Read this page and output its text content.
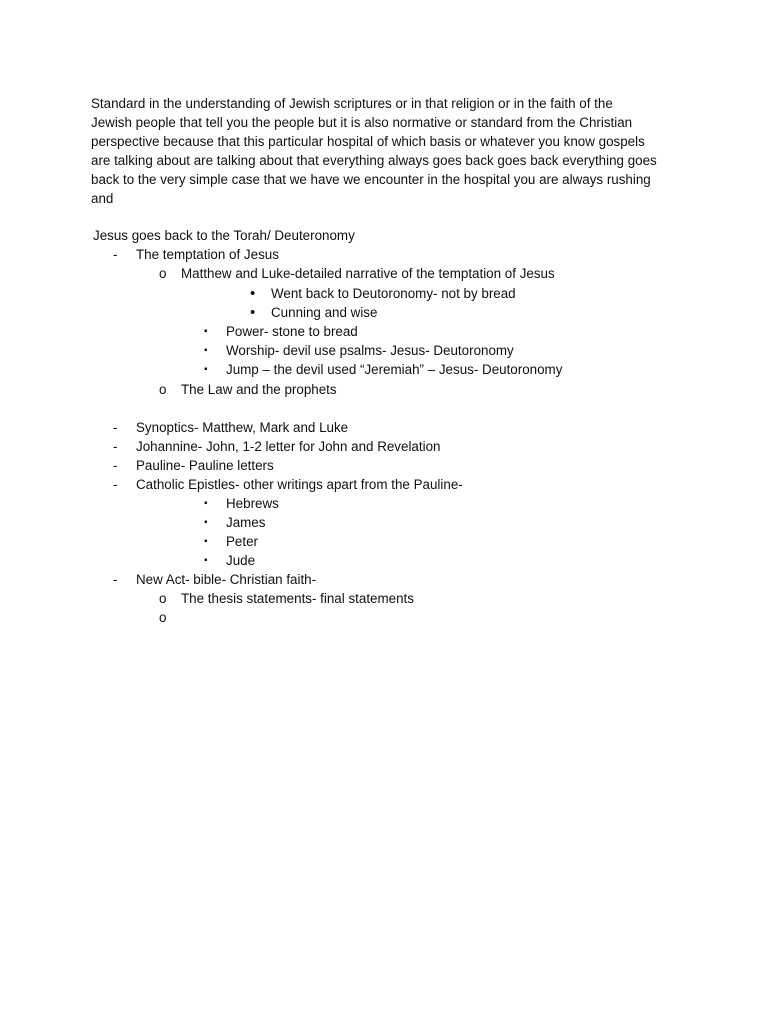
Standard in the understanding of Jewish scriptures or in that religion or in the faith of the
Jewish people that tell you the people but it is also normative or standard from the Christian
perspective because that this particular hospital of which basis or whatever you know gospels
are talking about are talking about that everything always goes back goes back everything goes
back to the very simple case that we have we encounter in the hospital you are always rushing
and
Jesus goes back to the Torah/ Deuteronomy
- The temptation of Jesus
o Matthew and Luke-detailed narrative of the temptation of Jesus
• Went back to Deutoronomy- not by bread
• Cunning and wise
▪ Power- stone to bread
▪ Worship- devil use psalms- Jesus- Deutoronomy
▪ Jump – the devil used “Jeremiah” – Jesus- Deutoronomy
o The Law and the prophets
- Synoptics- Matthew, Mark and Luke
- Johannine- John, 1-2 letter for John and Revelation
- Pauline- Pauline letters
- Catholic Epistles- other writings apart from the Pauline-
▪ Hebrews
▪ James
▪ Peter
▪ Jude
- New Act- bible- Christian faith-
o The thesis statements- final statements
o
